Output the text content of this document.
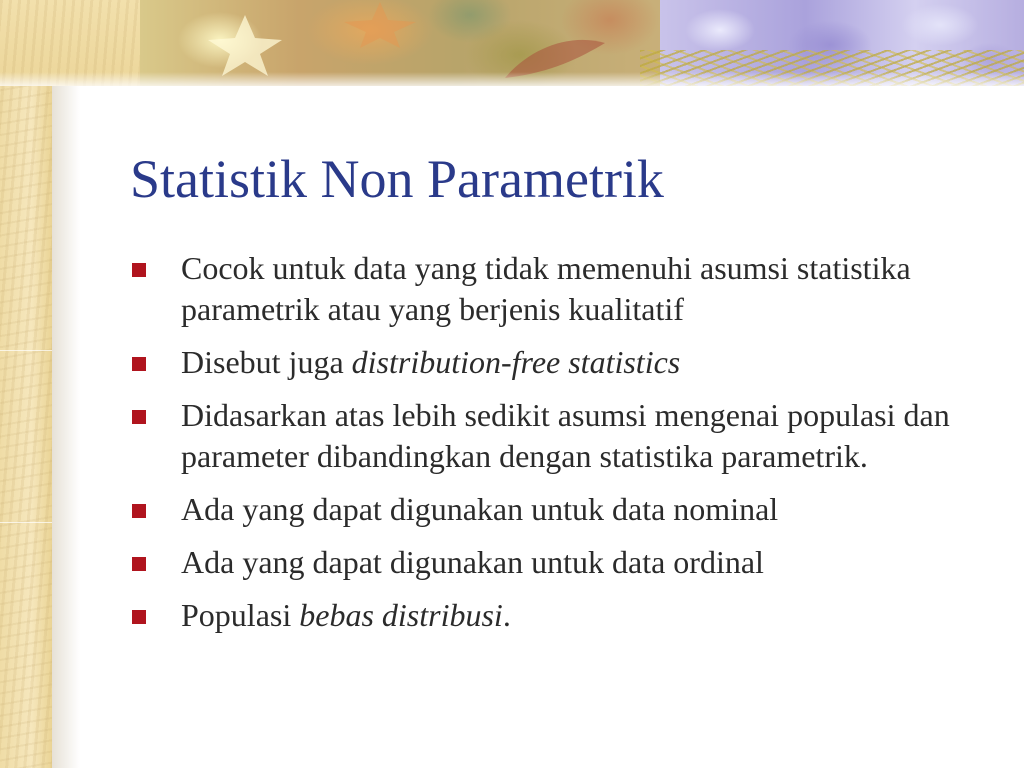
Statistik Non Parametrik
Cocok untuk data yang tidak memenuhi asumsi statistika parametrik atau yang berjenis kualitatif
Disebut juga distribution-free statistics
Didasarkan atas lebih sedikit asumsi mengenai populasi dan parameter dibandingkan dengan statistika parametrik.
Ada yang dapat digunakan untuk data nominal
Ada yang dapat digunakan untuk data ordinal
Populasi bebas distribusi.
